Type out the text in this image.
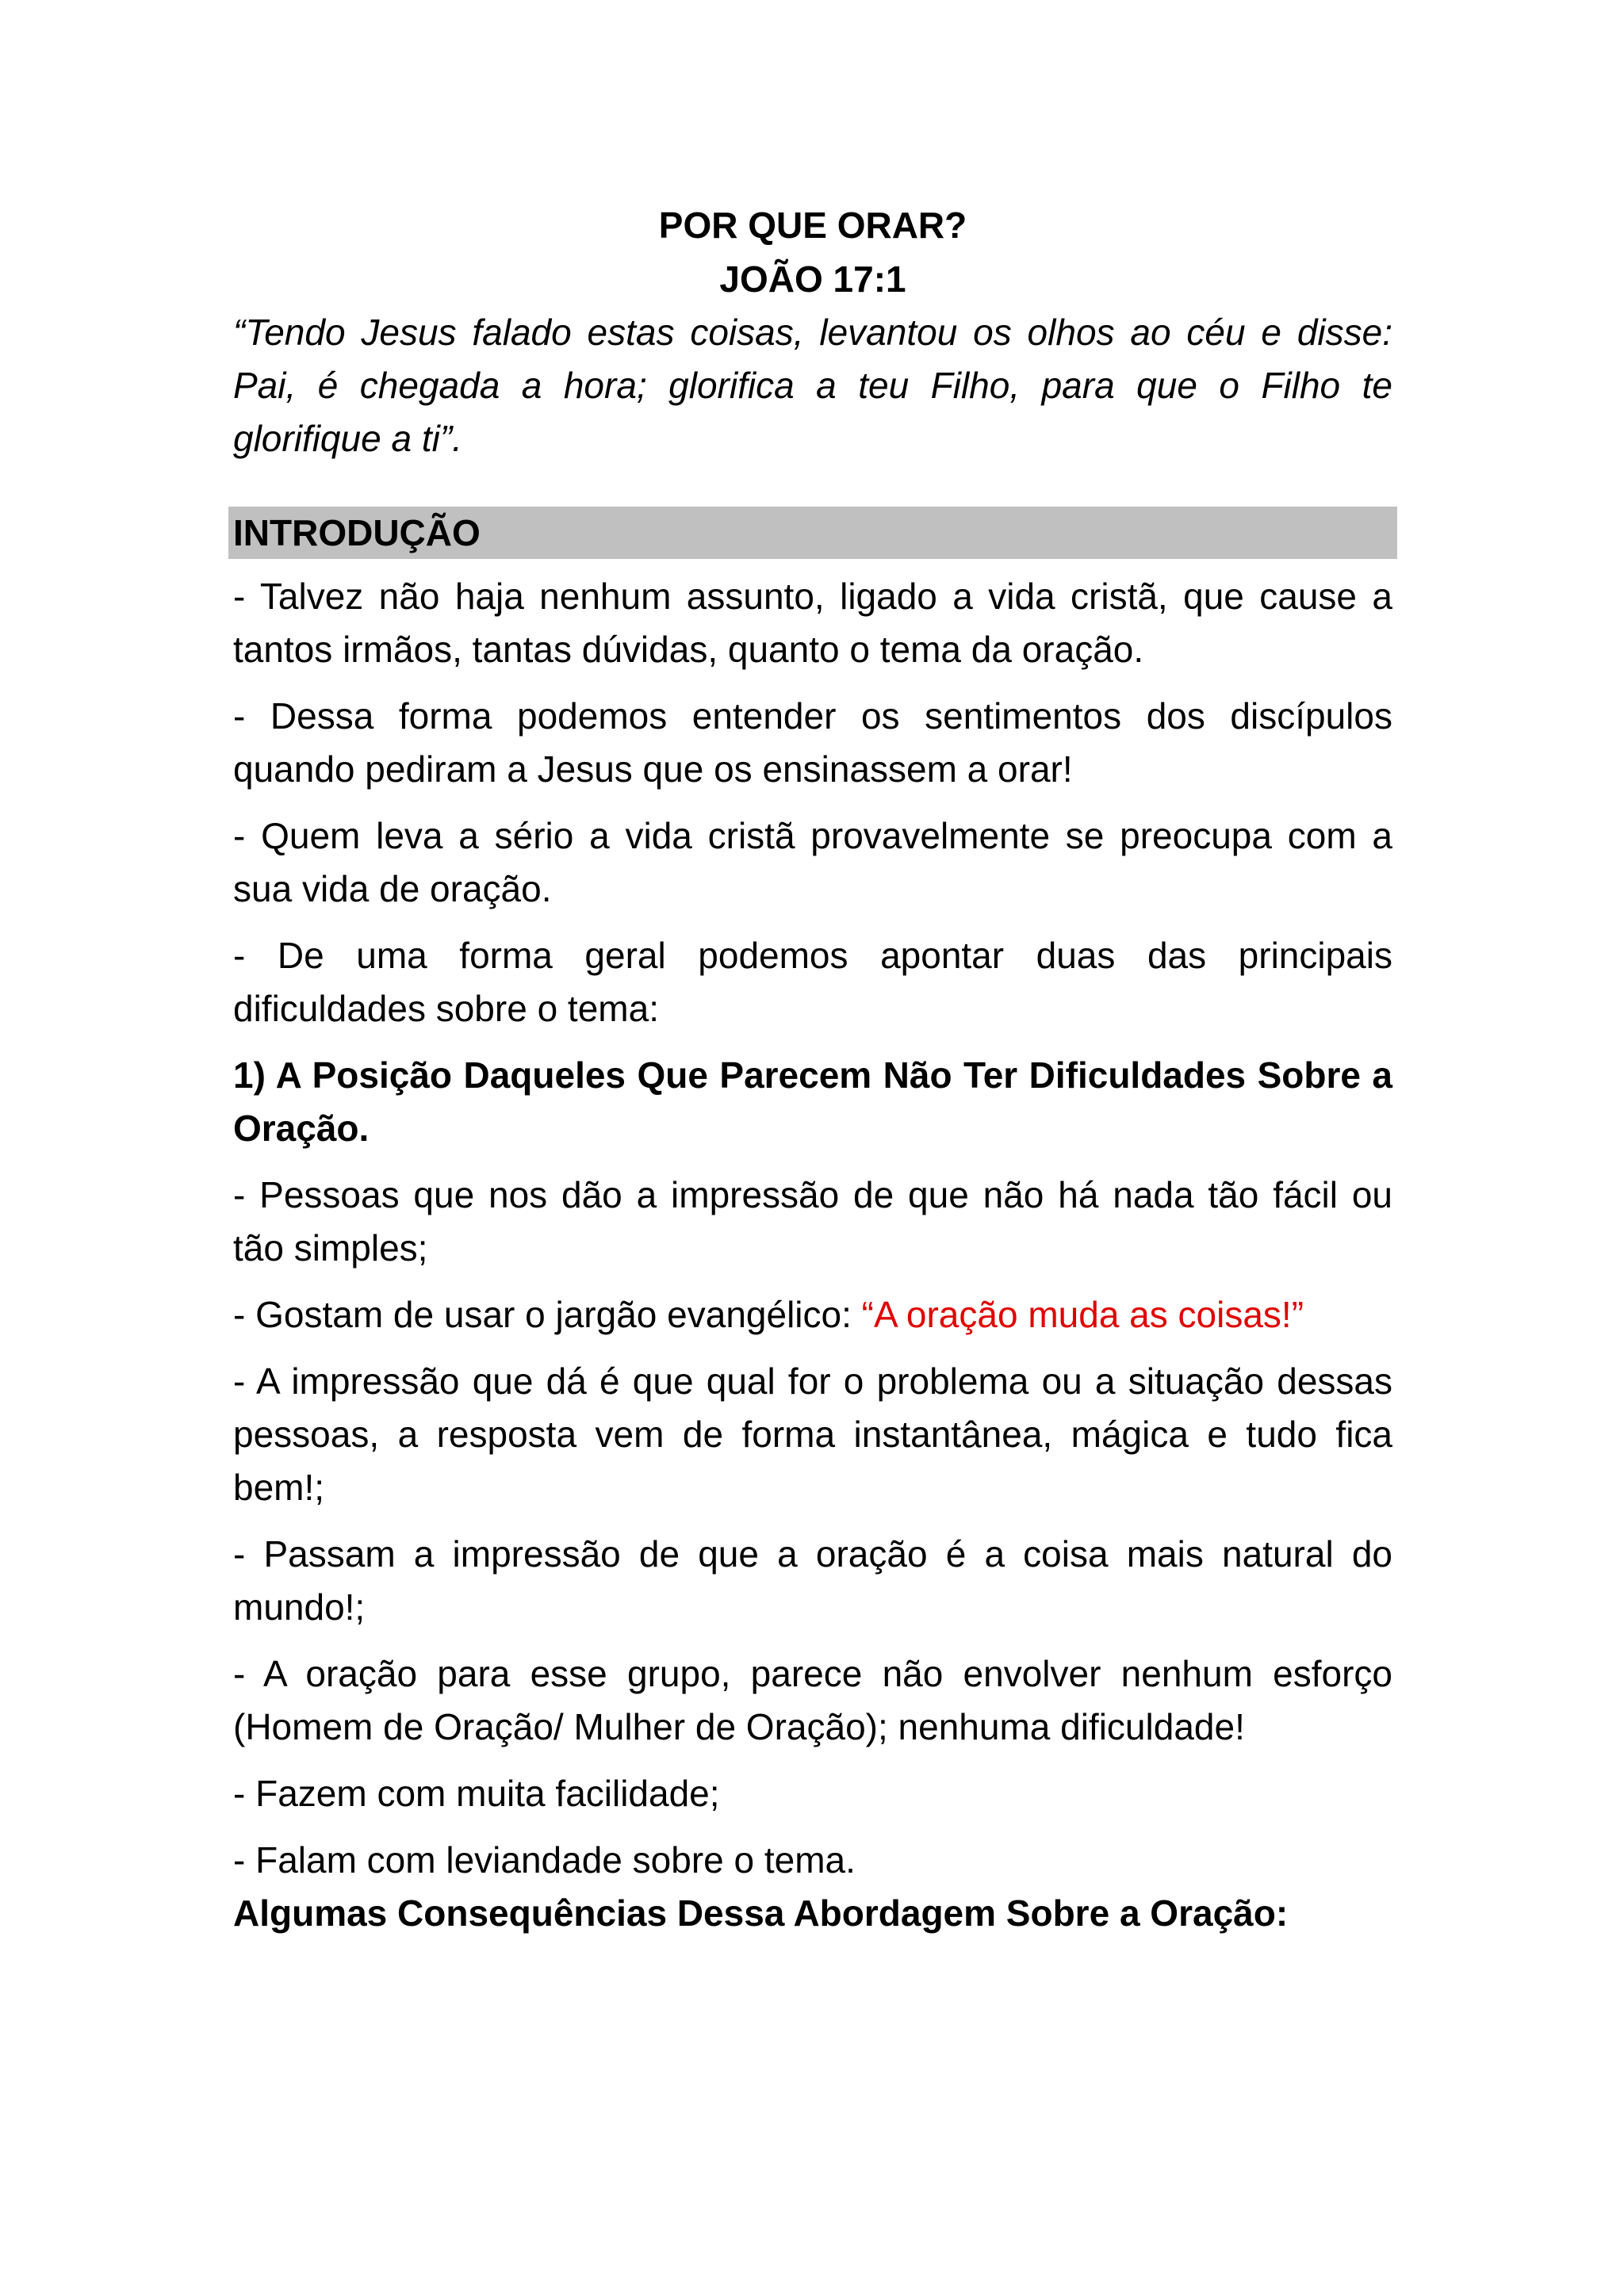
POR QUE ORAR?

JOÃO 17:1

“Tendo Jesus falado estas coisas, levantou os olhos ao céu e disse: Pai, é chegada a hora; glorifica a teu Filho, para que o Filho te glorifique a ti”.

INTRODUÇÃO

- Talvez não haja nenhum assunto, ligado a vida cristã, que cause a tantos irmãos, tantas dúvidas, quanto o tema da oração.

- Dessa forma podemos entender os sentimentos dos discípulos quando pediram a Jesus que os ensinassem a orar!

- Quem leva a sério a vida cristã provavelmente se preocupa com a sua vida de oração.

- De uma forma geral podemos apontar duas das principais dificuldades sobre o tema:

1) A Posição Daqueles Que Parecem Não Ter Dificuldades Sobre a Oração.

- Pessoas que nos dão a impressão de que não há nada tão fácil ou tão simples;

- Gostam de usar o jargão evangélico: “A oração muda as coisas!”

- A impressão que dá é que qual for o problema ou a situação dessas pessoas, a resposta vem de forma instantânea, mágica e tudo fica bem!;

- Passam a impressão de que a oração é a coisa mais natural do mundo!;

- A oração para esse grupo, parece não envolver nenhum esforço (Homem de Oração/ Mulher de Oração); nenhuma dificuldade!

- Fazem com muita facilidade;

- Falam com leviandade sobre o tema.

Algumas Consequências Dessa Abordagem Sobre a Oração:
